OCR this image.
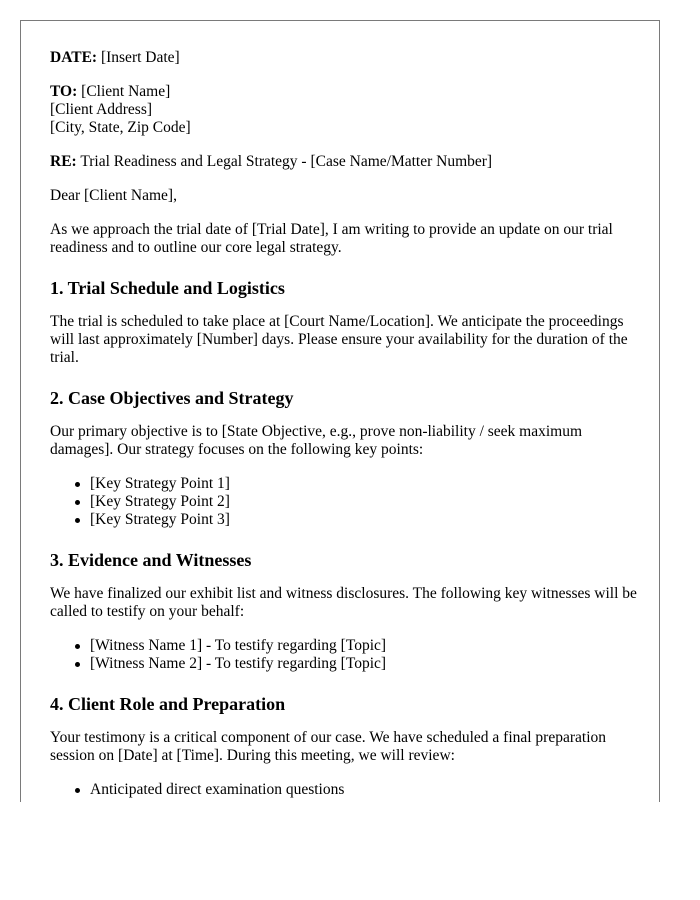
DATE: [Insert Date]

TO: [Client Name]
[Client Address]
[City, State, Zip Code]

RE: Trial Readiness and Legal Strategy - [Case Name/Matter Number]

Dear [Client Name],

As we approach the trial date of [Trial Date], I am writing to provide an update on our trial readiness and to outline our core legal strategy.

1. Trial Schedule and Logistics

The trial is scheduled to take place at [Court Name/Location]. We anticipate the proceedings will last approximately [Number] days. Please ensure your availability for the duration of the trial.

2. Case Objectives and Strategy

Our primary objective is to [State Objective, e.g., prove non-liability / seek maximum damages]. Our strategy focuses on the following key points:

[Key Strategy Point 1]
[Key Strategy Point 2]
[Key Strategy Point 3]
3. Evidence and Witnesses

We have finalized our exhibit list and witness disclosures. The following key witnesses will be called to testify on your behalf:

[Witness Name 1] - To testify regarding [Topic]
[Witness Name 2] - To testify regarding [Topic]
4. Client Role and Preparation

Your testimony is a critical component of our case. We have scheduled a final preparation session on [Date] at [Time]. During this meeting, we will review:

Anticipated direct examination questions
